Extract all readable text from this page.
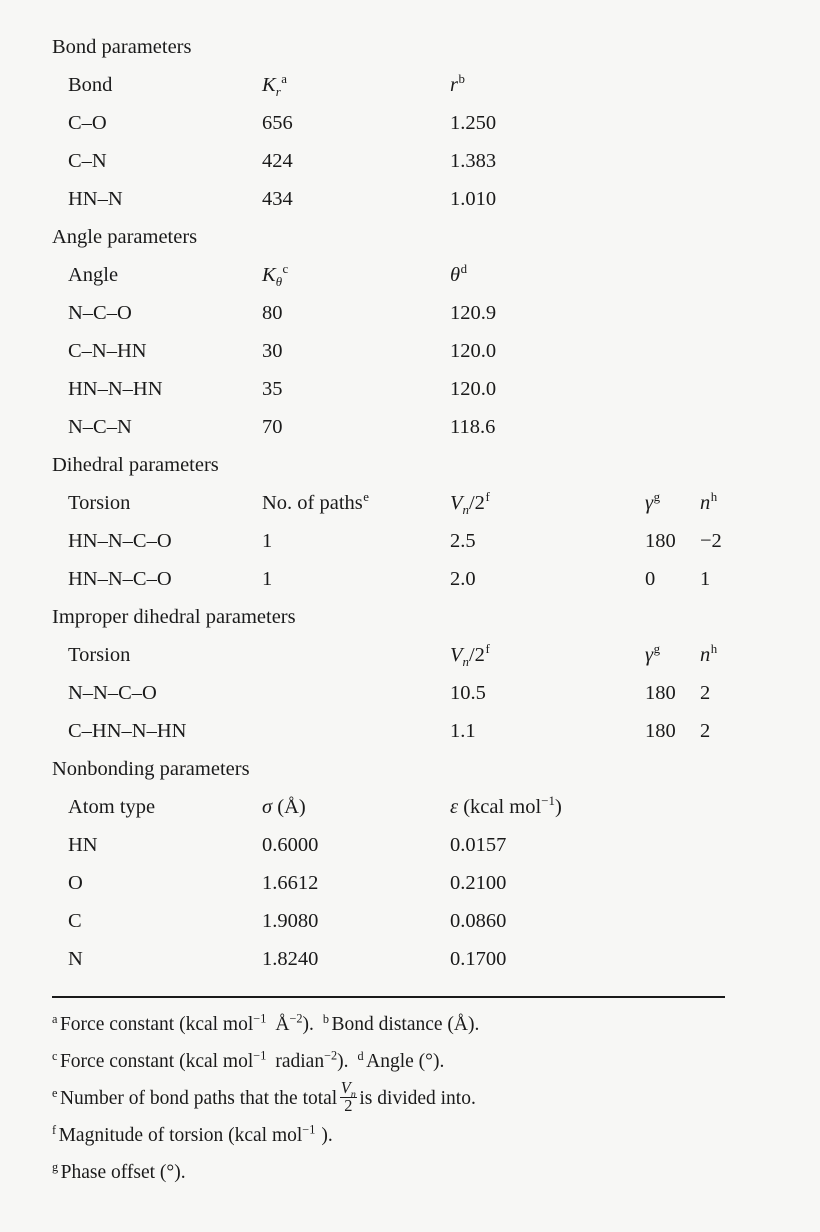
Bond parameters				
Bond	$K_r^a$	r$^b$		
C–O	656	1.250		
C–N	424	1.383		
HN–N	434	1.010		
Angle parameters				
Angle	$K_\theta^c$	θ$^d$		
N–C–O	80	120.9		
C–N–HN	30	120.0		
HN–N–HN	35	120.0		
N–C–N	70	118.6		
Dihedral parameters				
Torsion	No. of paths$^e$	$V_n/2^f$	γ$^g$	n$^h$
HN–N–C–O	1	2.5	180	−2
HN–N–C–O	1	2.0	0	1
Improper dihedral parameters				
Torsion		$V_n/2^f$	γ$^g$	n$^h$
N–N–C–O		10.5	180	2
C–HN–N–HN		1.1	180	2
Nonbonding parameters				
Atom type	σ (Å)	ε (kcal mol$^{-1}$)		
HN	0.6000	0.0157		
O	1.6612	0.2100		
C	1.9080	0.0860		
N	1.8240	0.1700		
$^a$ Force constant (kcal mol$^{-1}$ $Å^{-2}$). $^b$ Bond distance (Å).
$^c$ Force constant (kcal mol$^{-1}$ radian$^{-2}$). $^d$ Angle (°).
$^e$ Number of bond paths that the total $\frac{V_n}{2}$ is divided into.
$^f$ Magnitude of torsion (kcal mol$^{-1}$ ).
$^g$ Phase offset (°).
